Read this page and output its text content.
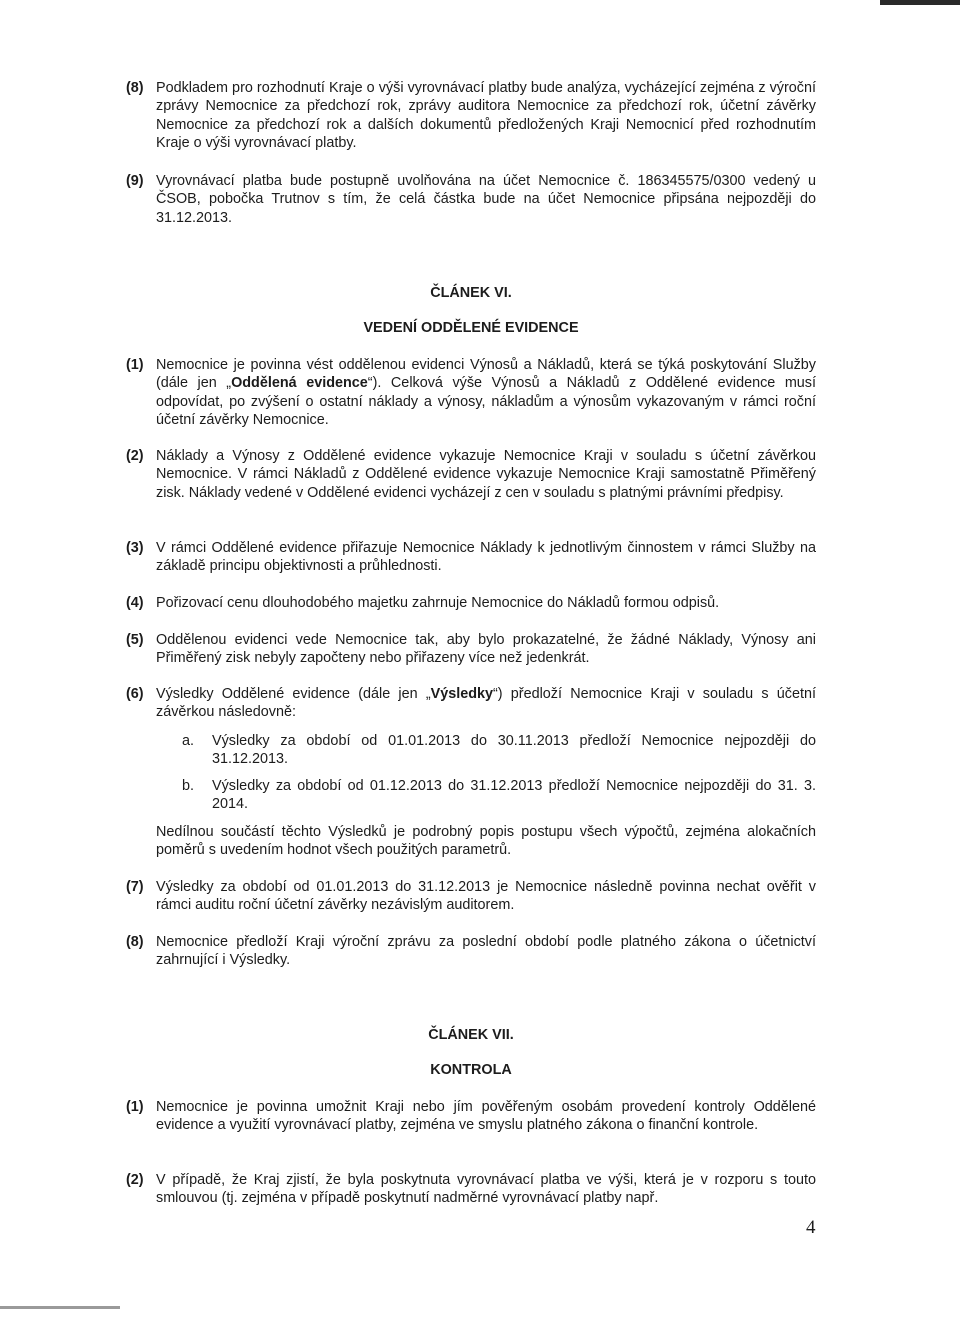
(8) Podkladem pro rozhodnutí Kraje o výši vyrovnávací platby bude analýza, vycházející zejména z výroční zprávy Nemocnice za předchozí rok, zprávy auditora Nemocnice za předchozí rok, účetní závěrky Nemocnice za předchozí rok a dalších dokumentů předložených Kraji Nemocnicí před rozhodnutím Kraje o výši vyrovnávací platby.
(9) Vyrovnávací platba bude postupně uvolňována na účet Nemocnice č. 186345575/0300 vedený u ČSOB, pobočka Trutnov s tím, že celá částka bude na účet Nemocnice připsána nejpozději do 31.12.2013.
ČLÁNEK VI.
VEDENÍ ODDĚLENÉ EVIDENCE
(1) Nemocnice je povinna vést oddělenou evidenci Výnosů a Nákladů, která se týká poskytování Služby (dále jen „Oddělená evidence“). Celková výše Výnosů a Nákladů z Oddělené evidence musí odpovídat, po zvýšení o ostatní náklady a výnosy, nákladům a výnosům vykazovaným v rámci roční účetní závěrky Nemocnice.
(2) Náklady a Výnosy z Oddělené evidence vykazuje Nemocnice Kraji v souladu s účetní závěrkou Nemocnice. V rámci Nákladů z Oddělené evidence vykazuje Nemocnice Kraji samostatně Přiměřený zisk. Náklady vedené v Oddělené evidenci vycházejí z cen v souladu s platnými právními předpisy.
(3) V rámci Oddělené evidence přiřazuje Nemocnice Náklady k jednotlivým činnostem v rámci Služby na základě principu objektivnosti a průhlednosti.
(4) Pořizovací cenu dlouhodobého majetku zahrnuje Nemocnice do Nákladů formou odpisů.
(5) Oddělenou evidenci vede Nemocnice tak, aby bylo prokazatelné, že žádné Náklady, Výnosy ani Přiměřený zisk nebyly započteny nebo přiřazeny více než jedenkrát.
(6) Výsledky Oddělené evidence (dále jen „Výsledky“) předloží Nemocnice Kraji v souladu s účetní závěrkou následovně:
a. Výsledky za období od 01.01.2013 do 30.11.2013 předloží Nemocnice nejpozději do 31.12.2013.
b. Výsledky za období od 01.12.2013 do 31.12.2013 předloží Nemocnice nejpozději do 31. 3. 2014.
Nedílnou součástí těchto Výsledků je podrobný popis postupu všech výpočtů, zejména alokačních poměrů s uvedením hodnot všech použitých parametrů.
(7) Výsledky za období od 01.01.2013 do 31.12.2013 je Nemocnice následně povinna nechat ověřit v rámci auditu roční účetní závěrky nezávislým auditorem.
(8) Nemocnice předloží Kraji výroční zprávu za poslední období podle platného zákona o účetnictví zahrnující i Výsledky.
ČLÁNEK VII.
KONTROLA
(1) Nemocnice je povinna umožnit Kraji nebo jím pověřeným osobám provedení kontroly Oddělené evidence a využití vyrovnávací platby, zejména ve smyslu platného zákona o finanční kontrole.
(2) V případě, že Kraj zjistí, že byla poskytnuta vyrovnávací platba ve výši, která je v rozporu s touto smlouvou (tj. zejména v případě poskytnutí nadměrné vyrovnávací platby např.
4
